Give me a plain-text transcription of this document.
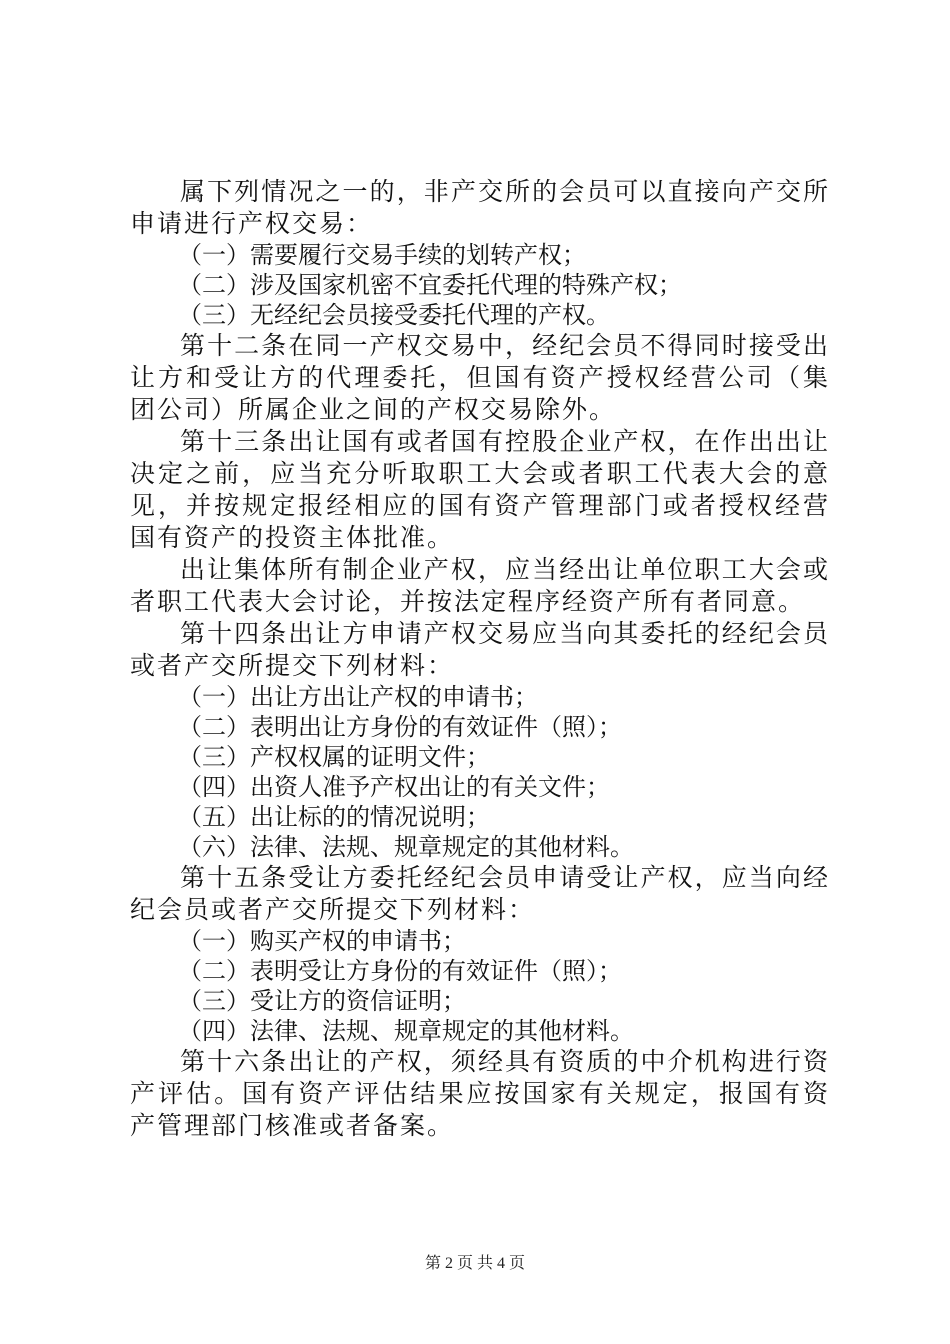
属下列情况之一的，非产交所的会员可以直接向产交所申请进行产权交易：

（一）需要履行交易手续的划转产权；

（二）涉及国家机密不宜委托代理的特殊产权；

（三）无经纪会员接受委托代理的产权。

第十二条在同一产权交易中，经纪会员不得同时接受出让方和受让方的代理委托，但国有资产授权经营公司（集团公司）所属企业之间的产权交易除外。

第十三条出让国有或者国有控股企业产权，在作出出让决定之前，应当充分听取职工大会或者职工代表大会的意见，并按规定报经相应的国有资产管理部门或者授权经营国有资产的投资主体批准。

出让集体所有制企业产权，应当经出让单位职工大会或者职工代表大会讨论，并按法定程序经资产所有者同意。

第十四条出让方申请产权交易应当向其委托的经纪会员或者产交所提交下列材料：

（一）出让方出让产权的申请书；

（二）表明出让方身份的有效证件（照）；

（三）产权权属的证明文件；

（四）出资人准予产权出让的有关文件；

（五）出让标的的情况说明；

（六）法律、法规、规章规定的其他材料。

第十五条受让方委托经纪会员申请受让产权，应当向经纪会员或者产交所提交下列材料：

（一）购买产权的申请书；

（二）表明受让方身份的有效证件（照）；

（三）受让方的资信证明；

（四）法律、法规、规章规定的其他材料。

第十六条出让的产权，须经具有资质的中介机构进行资产评估。国有资产评估结果应按国家有关规定，报国有资产管理部门核准或者备案。

第 2 页 共 4 页
